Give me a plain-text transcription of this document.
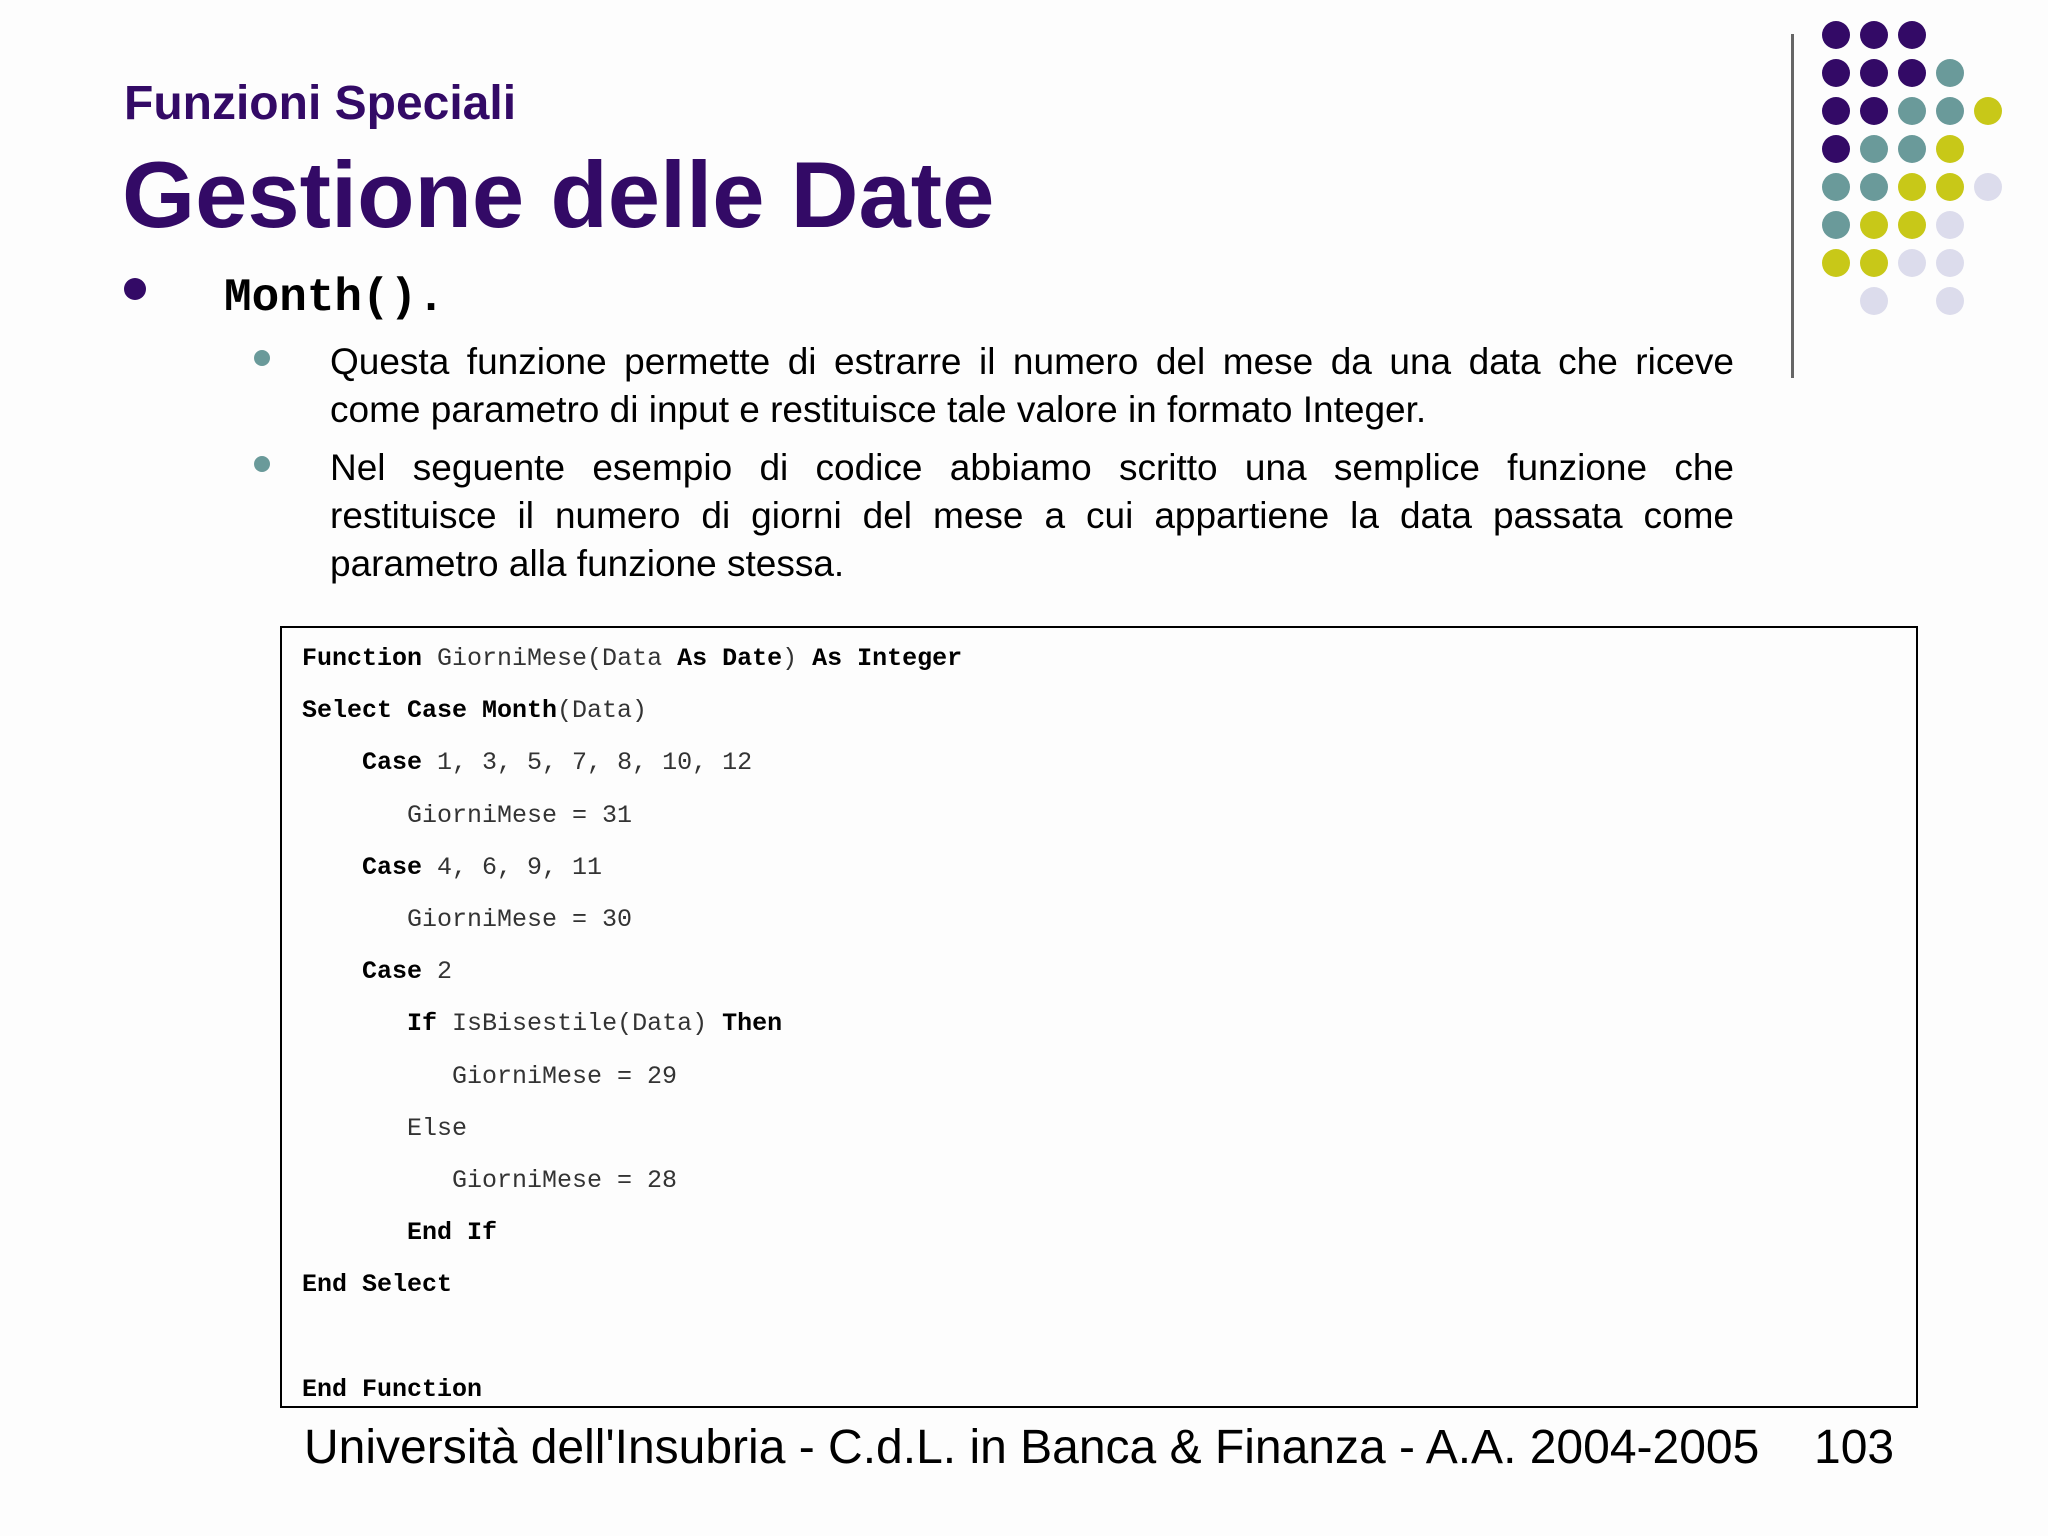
Funzioni Speciali
Gestione delle Date
Month().

Questa funzione permette di estrarre il numero del mese da una data che riceve come parametro di input e restituisce tale valore in formato Integer.

Nel seguente esempio di codice abbiamo scritto una semplice funzione che restituisce il numero di giorni del mese a cui appartiene la data passata come parametro alla funzione stessa.

Function GiorniMese(Data As Date) As Integer
Select Case Month(Data)
Case 1, 3, 5, 7, 8, 10, 12
GiorniMese = 31
Case 4, 6, 9, 11
GiorniMese = 30
Case 2
If IsBisestile(Data) Then
GiorniMese = 29
Else
GiorniMese = 28
End If
End Select
End Function
Università dell'Insubria - C.d.L. in Banca & Finanza - A.A. 2004-2005 103
